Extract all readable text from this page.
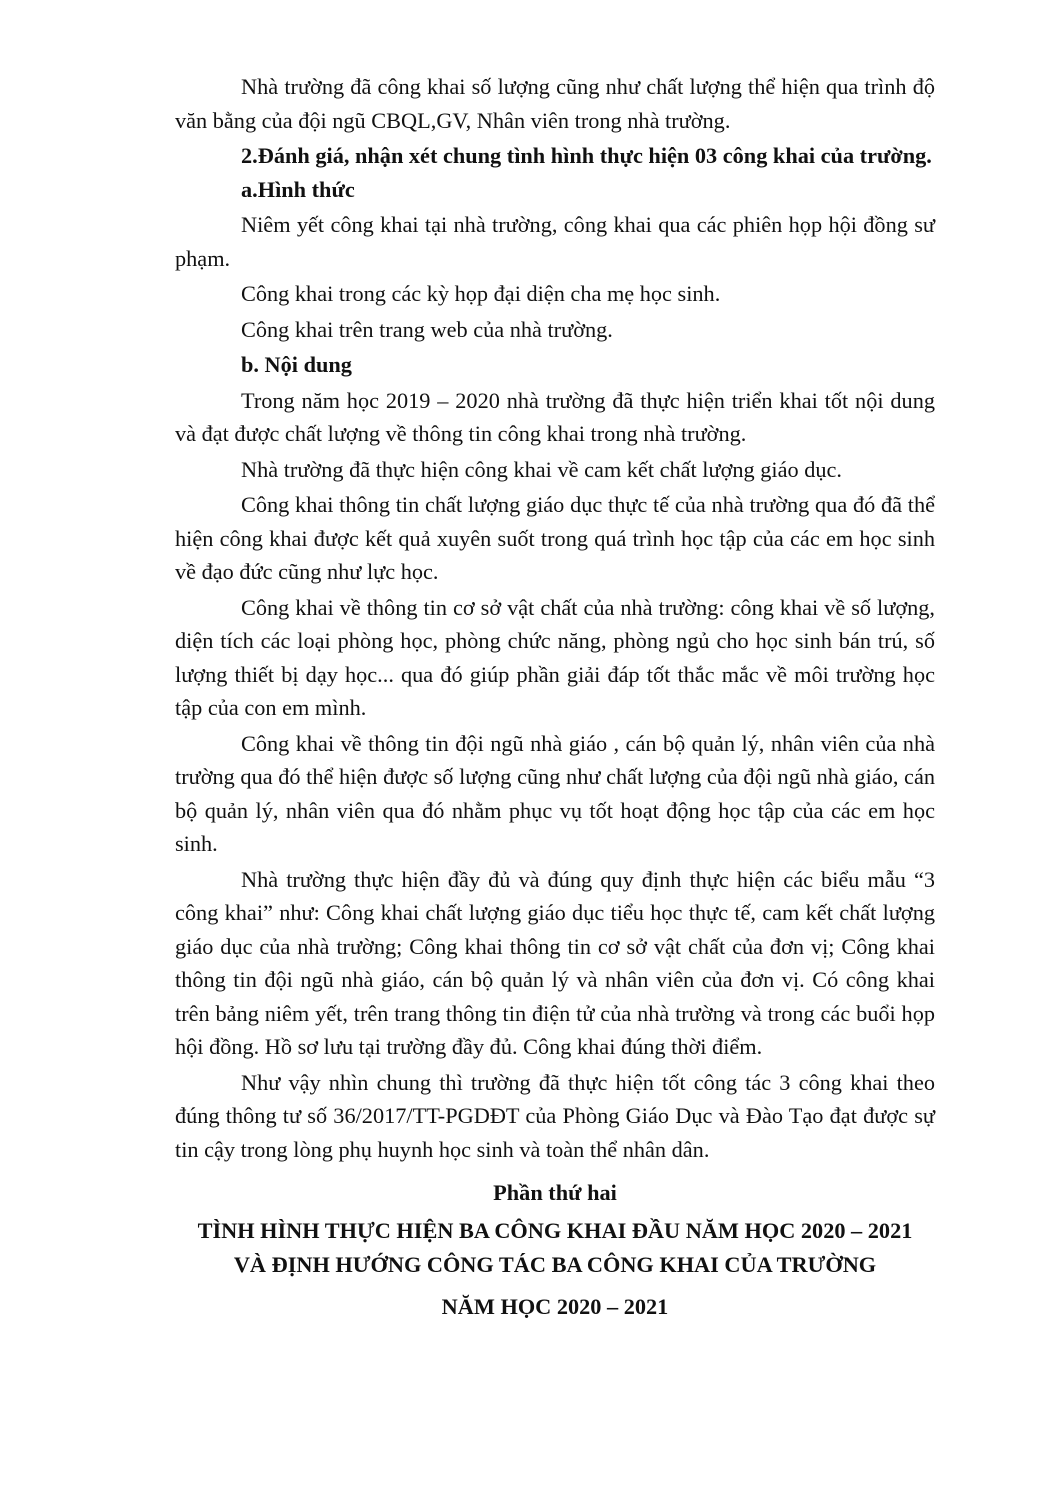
Nhà trường đã công khai số lượng cũng như chất lượng thể hiện qua trình độ văn bằng của đội ngũ CBQL,GV, Nhân viên trong nhà trường.

2.Đánh giá, nhận xét chung tình hình thực hiện 03 công khai của trường.

a.Hình thức

Niêm yết công khai tại nhà trường, công khai qua các phiên họp hội đồng sư phạm.

Công khai trong các kỳ họp đại diện cha mẹ học sinh.

Công khai trên trang web của nhà trường.

b. Nội dung

Trong năm học 2019 – 2020 nhà trường đã thực hiện triển khai tốt nội dung và đạt được chất lượng về thông tin công khai trong nhà trường.

Nhà trường đã thực hiện công khai về cam kết chất lượng giáo dục.

Công khai thông tin chất lượng giáo dục thực tế của nhà trường qua đó đã thể hiện công khai được kết quả xuyên suốt trong quá trình học tập của các em học sinh về đạo đức cũng như lực học.

Công khai về thông tin cơ sở vật chất của nhà trường: công khai về số lượng, diện tích các loại phòng học, phòng chức năng, phòng ngủ cho học sinh bán trú, số lượng thiết bị dạy học... qua đó giúp phần giải đáp tốt thắc mắc về môi trường học tập của con em mình.

Công khai về thông tin đội ngũ nhà giáo , cán bộ quản lý, nhân viên của nhà trường qua đó thể hiện được số lượng cũng như chất lượng của đội ngũ nhà giáo, cán bộ quản lý, nhân viên qua đó nhằm phục vụ tốt hoạt động học tập của các em học sinh.

Nhà trường thực hiện đầy đủ và đúng quy định thực hiện các biểu mẫu “3 công khai” như: Công khai chất lượng giáo dục tiểu học thực tế, cam kết chất lượng giáo dục của nhà trường; Công khai thông tin cơ sở vật chất của đơn vị; Công khai thông tin đội ngũ nhà giáo, cán bộ quản lý và nhân viên của đơn vị. Có công khai trên bảng niêm yết, trên trang thông tin điện tử của nhà trường và trong các buổi họp hội đồng. Hồ sơ lưu tại trường đầy đủ. Công khai đúng thời điểm.

Như vậy nhìn chung thì trường đã thực hiện tốt công tác 3 công khai theo đúng thông tư số 36/2017/TT-PGDĐT của Phòng Giáo Dục và Đào Tạo đạt được sự tin cậy trong lòng phụ huynh học sinh và toàn thể nhân dân.

Phần thứ hai
TÌNH HÌNH THỰC HIỆN BA CÔNG KHAI ĐẦU NĂM HỌC 2020 – 2021
VÀ ĐỊNH HƯỚNG CÔNG TÁC BA CÔNG KHAI CỦA TRƯỜNG
NĂM HỌC 2020 – 2021
